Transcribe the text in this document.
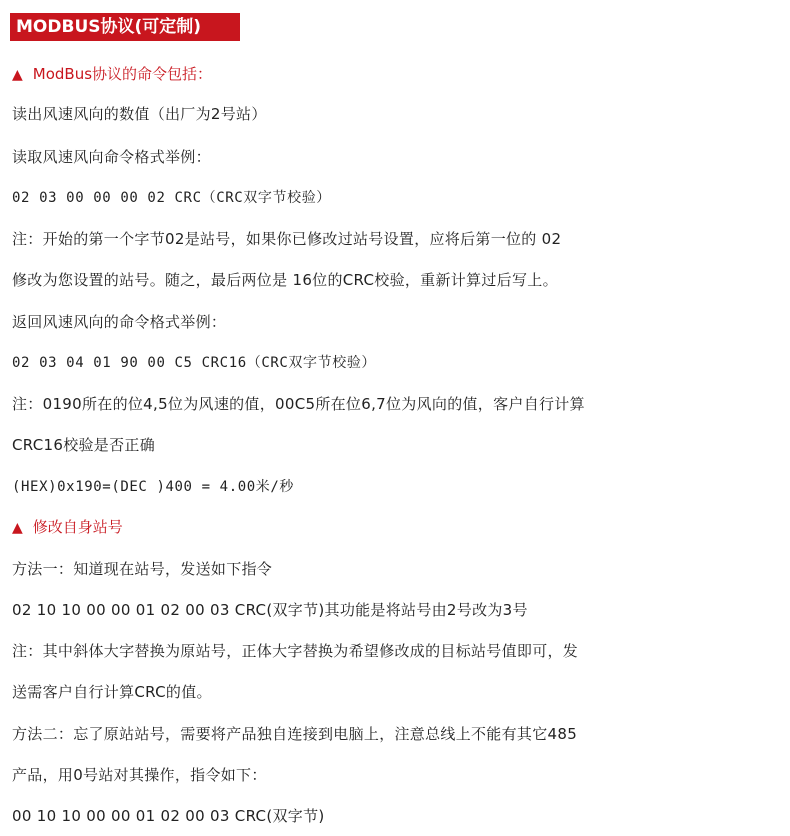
MODBUS协议(可定制)
▲ ModBus协议的命令包括：
读出风速风向的数值（出厂为2号站）
读取风速风向命令格式举例：
02 03 00 00 00 02 CRC（CRC双字节校验）
注：开始的第一个字节02是站号，如果你已修改过站号设置，应将后第一位的 02
修改为您设置的站号。随之，最后两位是 16位的CRC校验，重新计算过后写上。
返回风速风向的命令格式举例：
02 03 04 01 90 00 C5 CRC16（CRC双字节校验）
注：0190所在的位4,5位为风速的值，00C5所在位6,7位为风向的值，客户自行计算
CRC16校验是否正确
(HEX)0x190=(DEC )400 = 4.00米/秒
▲ 修改自身站号
方法一：知道现在站号，发送如下指令
02 10 10 00 00 01 02 00 03 CRC(双字节)其功能是将站号由2号改为3号
注：其中斜体大字替换为原站号，正体大字替换为希望修改成的目标站号值即可，发
送需客户自行计算CRC的值。
方法二：忘了原站站号，需要将产品独自连接到电脑上，注意总线上不能有其它485
产品，用0号站对其操作，指令如下：
00 10 10 00 00 01 02 00 03 CRC(双字节)
